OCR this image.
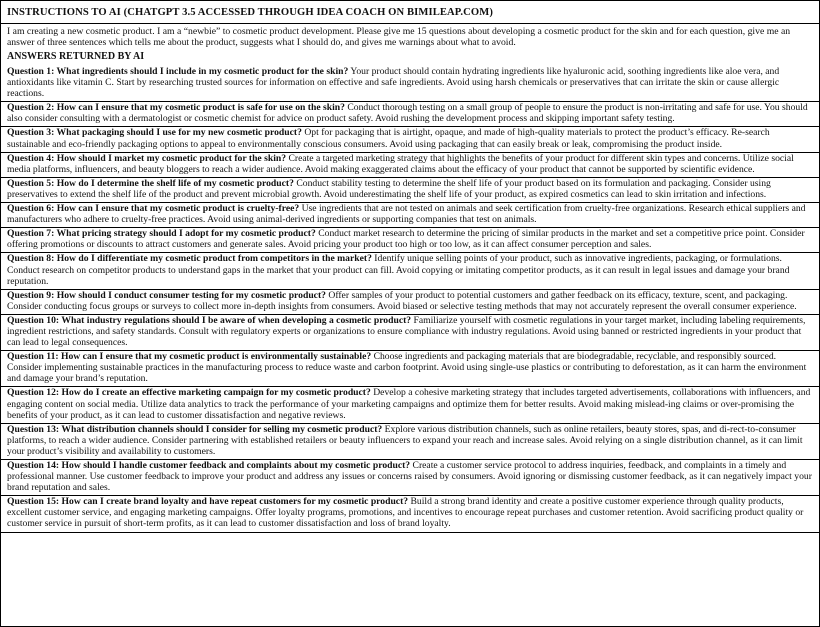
INSTRUCTIONS TO AI (CHATGPT 3.5 ACCESSED THROUGH IDEA COACH ON BIMILEAP.COM)
I am creating a new cosmetic product. I am a “newbie” to cosmetic product development. Please give me 15 questions about developing a cosmetic product for the skin and for each question, give me an answer of three sentences which tells me about the product, suggests what I should do, and gives me warnings about what to avoid.
ANSWERS RETURNED BY AI
Question 1: What ingredients should I include in my cosmetic product for the skin? Your product should contain hydrating ingredients like hyaluronic acid, soothing ingredients like aloe vera, and antioxidants like vitamin C. Start by researching trusted sources for information on effective and safe ingredients. Avoid using harsh chemicals or preservatives that can irritate the skin or cause allergic reactions.
Question 2: How can I ensure that my cosmetic product is safe for use on the skin? Conduct thorough testing on a small group of people to ensure the product is non-irritating and safe for use. You should also consider consulting with a dermatologist or cosmetic chemist for advice on product safety. Avoid rushing the development process and skipping important safety testing.
Question 3: What packaging should I use for my new cosmetic product? Opt for packaging that is airtight, opaque, and made of high-quality materials to protect the product’s efficacy. Re-search sustainable and eco-friendly packaging options to appeal to environmentally conscious consumers. Avoid using packaging that can easily break or leak, compromising the product inside.
Question 4: How should I market my cosmetic product for the skin? Create a targeted marketing strategy that highlights the benefits of your product for different skin types and concerns. Utilize social media platforms, influencers, and beauty bloggers to reach a wider audience. Avoid making exaggerated claims about the efficacy of your product that cannot be supported by scientific evidence.
Question 5: How do I determine the shelf life of my cosmetic product? Conduct stability testing to determine the shelf life of your product based on its formulation and packaging. Consider using preservatives to extend the shelf life of the product and prevent microbial growth. Avoid underestimating the shelf life of your product, as expired cosmetics can lead to skin irritation and infections.
Question 6: How can I ensure that my cosmetic product is cruelty-free? Use ingredients that are not tested on animals and seek certification from cruelty-free organizations. Research ethical suppliers and manufacturers who adhere to cruelty-free practices. Avoid using animal-derived ingredients or supporting companies that test on animals.
Question 7: What pricing strategy should I adopt for my cosmetic product? Conduct market research to determine the pricing of similar products in the market and set a competitive price point. Consider offering promotions or discounts to attract customers and generate sales. Avoid pricing your product too high or too low, as it can affect consumer perception and sales.
Question 8: How do I differentiate my cosmetic product from competitors in the market? Identify unique selling points of your product, such as innovative ingredients, packaging, or formulations. Conduct research on competitor products to understand gaps in the market that your product can fill. Avoid copying or imitating competitor products, as it can result in legal issues and damage your brand reputation.
Question 9: How should I conduct consumer testing for my cosmetic product? Offer samples of your product to potential customers and gather feedback on its efficacy, texture, scent, and packaging. Consider conducting focus groups or surveys to collect more in-depth insights from consumers. Avoid biased or selective testing methods that may not accurately represent the overall consumer experience.
Question 10: What industry regulations should I be aware of when developing a cosmetic product? Familiarize yourself with cosmetic regulations in your target market, including labeling requirements, ingredient restrictions, and safety standards. Consult with regulatory experts or organizations to ensure compliance with industry regulations. Avoid using banned or restricted ingredients in your product that can lead to legal consequences.
Question 11: How can I ensure that my cosmetic product is environmentally sustainable? Choose ingredients and packaging materials that are biodegradable, recyclable, and responsibly sourced. Consider implementing sustainable practices in the manufacturing process to reduce waste and carbon footprint. Avoid using single-use plastics or contributing to deforestation, as it can harm the environment and damage your brand’s reputation.
Question 12: How do I create an effective marketing campaign for my cosmetic product? Develop a cohesive marketing strategy that includes targeted advertisements, collaborations with influencers, and engaging content on social media. Utilize data analytics to track the performance of your marketing campaigns and optimize them for better results. Avoid making mislead-ing claims or over-promising the benefits of your product, as it can lead to customer dissatisfaction and negative reviews.
Question 13: What distribution channels should I consider for selling my cosmetic product? Explore various distribution channels, such as online retailers, beauty stores, spas, and di-rect-to-consumer platforms, to reach a wider audience. Consider partnering with established retailers or beauty influencers to expand your reach and increase sales. Avoid relying on a single distribution channel, as it can limit your product’s visibility and availability to customers.
Question 14: How should I handle customer feedback and complaints about my cosmetic product? Create a customer service protocol to address inquiries, feedback, and complaints in a timely and professional manner. Use customer feedback to improve your product and address any issues or concerns raised by consumers. Avoid ignoring or dismissing customer feedback, as it can negatively impact your brand reputation and sales.
Question 15: How can I create brand loyalty and have repeat customers for my cosmetic product? Build a strong brand identity and create a positive customer experience through quality products, excellent customer service, and engaging marketing campaigns. Offer loyalty programs, promotions, and incentives to encourage repeat purchases and customer retention. Avoid sacrificing product quality or customer service in pursuit of short-term profits, as it can lead to customer dissatisfaction and loss of brand loyalty.
